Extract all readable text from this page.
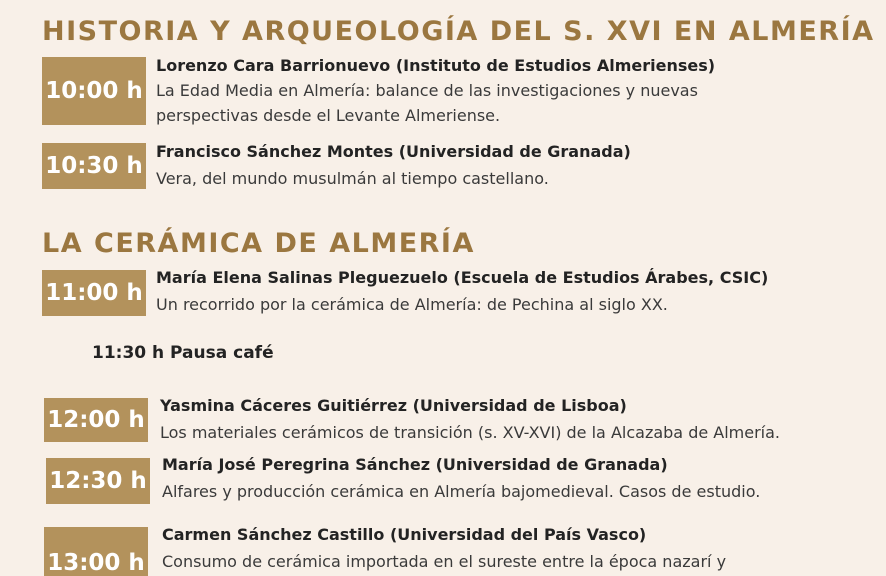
HISTORIA Y ARQUEOLOGÍA DEL S. XVI EN ALMERÍA
10:00 h
Lorenzo Cara Barrionuevo (Instituto de Estudios Almerienses)
La Edad Media en Almería: balance de las investigaciones y nuevas
perspectivas desde el Levante Almeriense.
10:30 h
Francisco Sánchez Montes (Universidad de Granada)
Vera, del mundo musulmán al tiempo castellano.
LA CERÁMICA DE ALMERÍA
11:00 h
María Elena Salinas Pleguezuelo (Escuela de Estudios Árabes, CSIC)
Un recorrido por la cerámica de Almería: de Pechina al siglo XX.
11:30 h Pausa café
12:00 h
Yasmina Cáceres Guitiérrez (Universidad de Lisboa)
Los materiales cerámicos de transición (s. XV-XVI) de la Alcazaba de Almería.
12:30 h
María José Peregrina Sánchez (Universidad de Granada)
Alfares y producción cerámica en Almería bajomedieval. Casos de estudio.
13:00 h
Carmen Sánchez Castillo (Universidad del País Vasco)
Consumo de cerámica importada en el sureste entre la época nazarí y
